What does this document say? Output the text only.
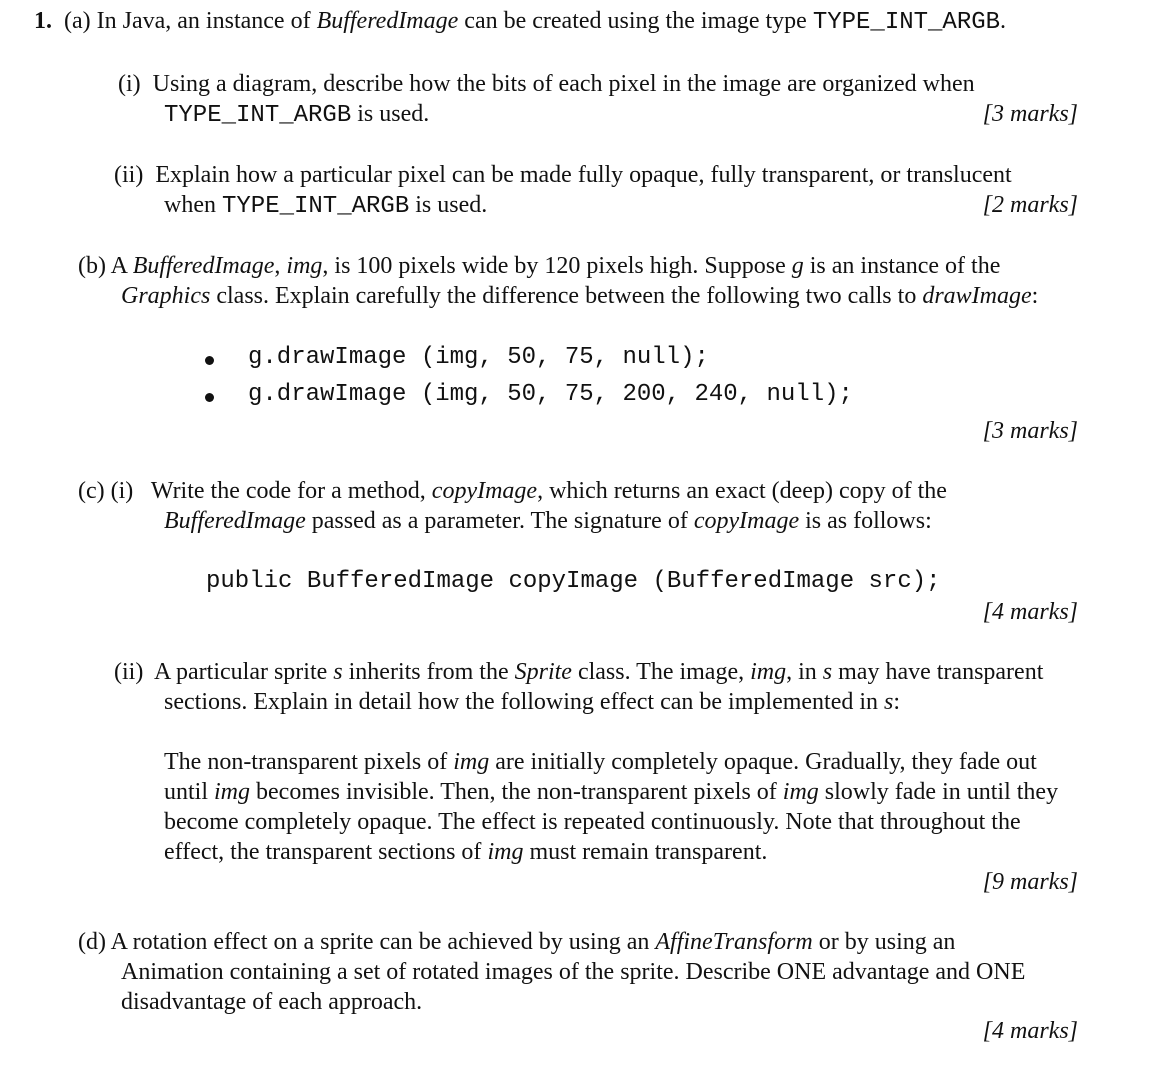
1. (a) In Java, an instance of BufferedImage can be created using the image type TYPE_INT_ARGB.
(i) Using a diagram, describe how the bits of each pixel in the image are organized when
TYPE_INT_ARGB is used.	[3 marks]
(ii) Explain how a particular pixel can be made fully opaque, fully transparent, or translucent
when TYPE_INT_ARGB is used.	[2 marks]
(b) A BufferedImage, img, is 100 pixels wide by 120 pixels high. Suppose g is an instance of the
Graphics class. Explain carefully the difference between the following two calls to drawImage:
g.drawImage (img, 50, 75, null);
g.drawImage (img, 50, 75, 200, 240, null);
[3 marks]
(c) (i) Write the code for a method, copyImage, which returns an exact (deep) copy of the
BufferedImage passed as a parameter. The signature of copyImage is as follows:
public BufferedImage copyImage (BufferedImage src);
[4 marks]
(ii) A particular sprite s inherits from the Sprite class. The image, img, in s may have transparent
sections. Explain in detail how the following effect can be implemented in s:
The non-transparent pixels of img are initially completely opaque. Gradually, they fade out
until img becomes invisible. Then, the non-transparent pixels of img slowly fade in until they
become completely opaque. The effect is repeated continuously. Note that throughout the
effect, the transparent sections of img must remain transparent.
[9 marks]
(d) A rotation effect on a sprite can be achieved by using an AffineTransform or by using an
Animation containing a set of rotated images of the sprite. Describe ONE advantage and ONE
disadvantage of each approach.
[4 marks]
